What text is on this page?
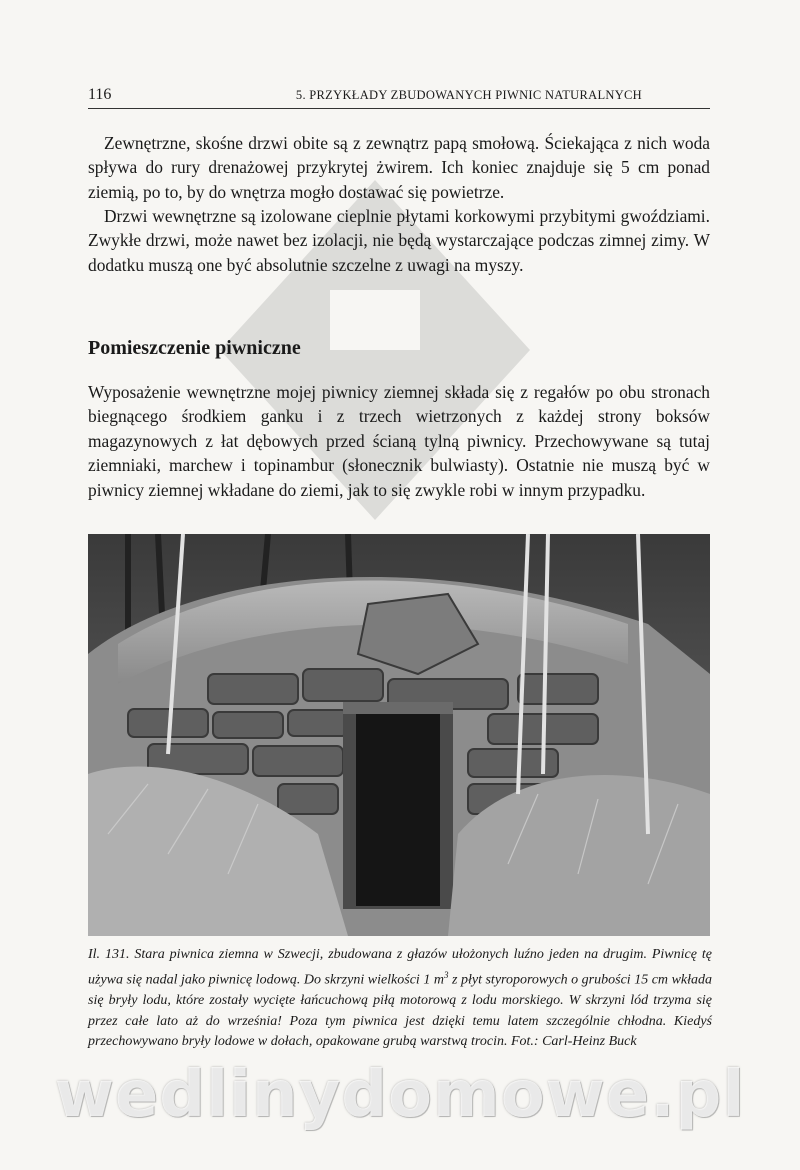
116	5. PRZYKŁADY ZBUDOWANYCH PIWNIC NATURALNYCH

Zewnętrzne, skośne drzwi obite są z zewnątrz papą smołową. Ściekająca z nich woda spływa do rury drenażowej przykrytej żwirem. Ich koniec znajduje się 5 cm ponad ziemią, po to, by do wnętrza mogło dostawać się powietrze.

Drzwi wewnętrzne są izolowane cieplnie płytami korkowymi przybitymi gwoździami. Zwykłe drzwi, może nawet bez izolacji, nie będą wystarczające podczas zimnej zimy. W dodatku muszą one być absolutnie szczelne z uwagi na myszy.

Pomieszczenie piwniczne

Wyposażenie wewnętrzne mojej piwnicy ziemnej składa się z regałów po obu stronach biegnącego środkiem ganku i z trzech wietrzonych z każdej strony boksów magazynowych z łat dębowych przed ścianą tylną piwnicy. Przechowywane są tutaj ziemniaki, marchew i topinambur (słonecznik bulwiasty). Ostatnie nie muszą być w piwnicy ziemnej wkładane do ziemi, jak to się zwykle robi w innym przypadku.

Il. 131. Stara piwnica ziemna w Szwecji, zbudowana z głazów ułożonych luźno jeden na drugim. Piwnicę tę używa się nadal jako piwnicę lodową. Do skrzyni wielkości 1 $m^3$ z płyt styroporowych o grubości 15 cm wkłada się bryły lodu, które zostały wycięte łańcuchową piłą motorową z lodu morskiego. W skrzyni lód trzyma się przez całe lato aż do września! Poza tym piwnica jest dzięki temu latem szczególnie chłodna. Kiedyś przechowywano bryły lodowe w dołach, opakowane grubą warstwą trocin. Fot.: Carl-Heinz Buck

wedlinydomowe.pl
